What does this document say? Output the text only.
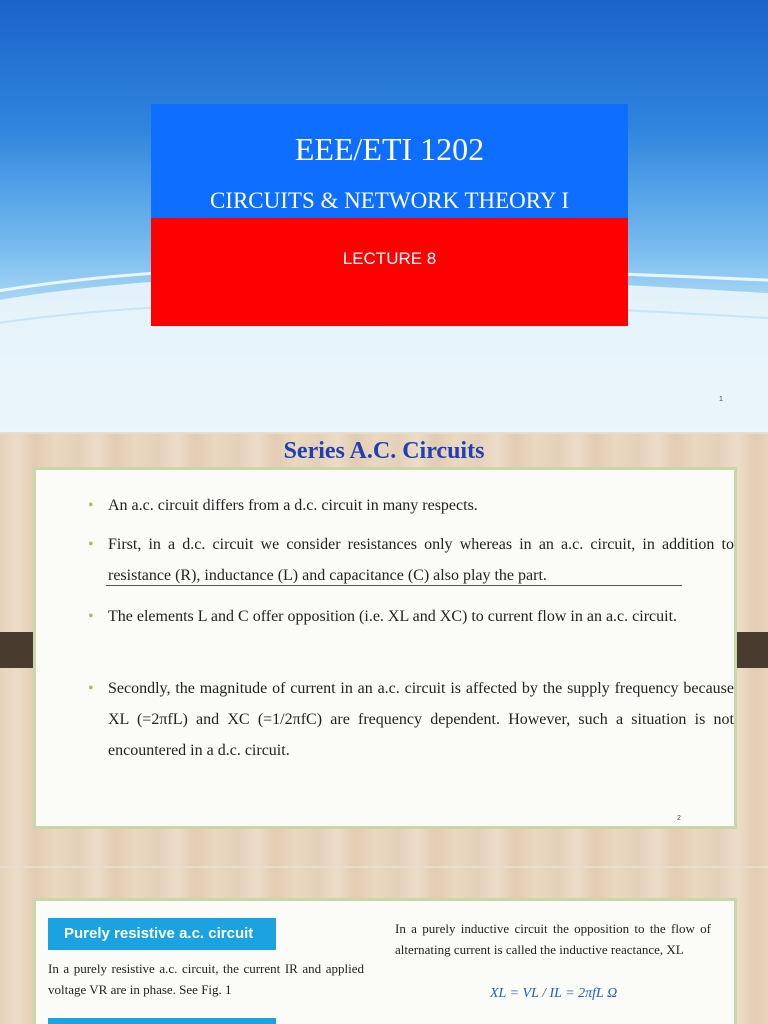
EEE/ETI 1202
CIRCUITS & NETWORK THEORY I
LECTURE 8
1
Series A.C. Circuits
• An a.c. circuit differs from a d.c. circuit in many respects.
• First, in a d.c. circuit we consider resistances only whereas in an a.c. circuit, in addition to resistance (R), inductance (L) and capacitance (C) also play the part.
• The elements L and C offer opposition (i.e. XL and XC) to current flow in an a.c. circuit.
• Secondly, the magnitude of current in an a.c. circuit is affected by the supply frequency because XL (=2πfL) and XC (=1/2πfC) are frequency dependent. However, such a situation is not encountered in a d.c. circuit.
2
Purely resistive a.c. circuit
In a purely resistive a.c. circuit, the current IR and applied voltage VR are in phase. See Fig. 1
In a purely inductive circuit the opposition to the flow of alternating current is called the inductive reactance, XL
XL = VL / IL = 2πfL Ω
